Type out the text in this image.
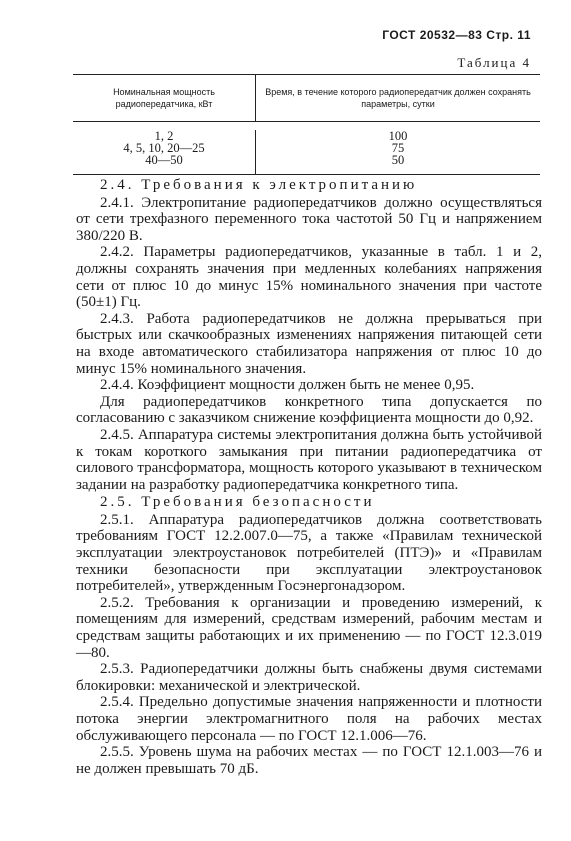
ГОСТ 20532—83 Стр. 11
Таблица 4
Номинальная мощность радиопередатчика, кВт
Время, в течение которого радиопередатчик должен сохранять параметры, сутки
1, 2
4, 5, 10, 20—25
40—50
100
75
50

2.4. Требования к электропитанию

2.4.1. Электропитание радиопередатчиков должно осуществляться от сети трехфазного переменного тока частотой 50 Гц и напряжением 380/220 В.

2.4.2. Параметры радиопередатчиков, указанные в табл. 1 и 2, должны сохранять значения при медленных колебаниях напряжения сети от плюс 10 до минус 15% номинального значения при частоте (50±1) Гц.

2.4.3. Работа радиопередатчиков не должна прерываться при быстрых или скачкообразных изменениях напряжения питающей сети на входе автоматического стабилизатора напряжения от плюс 10 до минус 15% номинального значения.

2.4.4. Коэффициент мощности должен быть не менее 0,95.

Для радиопередатчиков конкретного типа допускается по согласованию с заказчиком снижение коэффициента мощности до 0,92.

2.4.5. Аппаратура системы электропитания должна быть устойчивой к токам короткого замыкания при питании радиопередатчика от силового трансформатора, мощность которого указывают в техническом задании на разработку радиопередатчика конкретного типа.

2.5. Требования безопасности

2.5.1. Аппаратура радиопередатчиков должна соответствовать требованиям ГОСТ 12.2.007.0—75, а также «Правилам технической эксплуатации электроустановок потребителей (ПТЭ)» и «Правилам техники безопасности при эксплуатации электроустановок потребителей», утвержденным Госэнергонадзором.

2.5.2. Требования к организации и проведению измерений, к помещениям для измерений, средствам измерений, рабочим местам и средствам защиты работающих и их применению — по ГОСТ 12.3.019—80.

2.5.3. Радиопередатчики должны быть снабжены двумя системами блокировки: механической и электрической.

2.5.4. Предельно допустимые значения напряженности и плотности потока энергии электромагнитного поля на рабочих местах обслуживающего персонала — по ГОСТ 12.1.006—76.

2.5.5. Уровень шума на рабочих местах — по ГОСТ 12.1.003—76 и не должен превышать 70 дБ.
